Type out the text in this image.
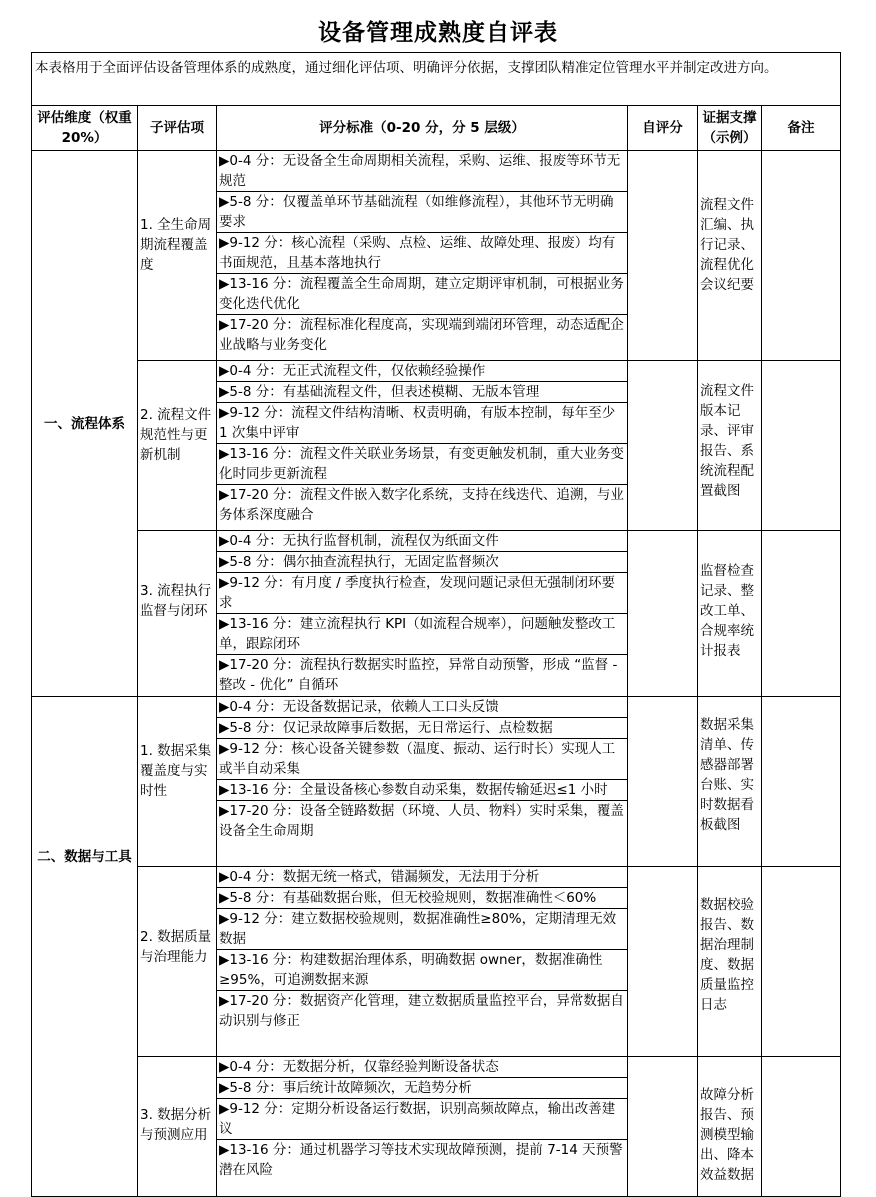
设备管理成熟度自评表
本表格用于全面评估设备管理体系的成熟度，通过细化评估项、明确评分依据，支撑团队精准定位管理水平并制定改进方向。					
评估维度（权重 20%）	子评估项	评分标准（0-20 分，分 5 层级）	自评分	证据支撑（示例）	备注
一、流程体系	1. 全生命周期流程覆盖度	▶0-4 分：无设备全生命周期相关流程，采购、运维、报废等环节无规范
▶5-8 分：仅覆盖单环节基础流程（如维修流程），其他环节无明确要求
▶9-12 分：核心流程（采购、点检、运维、故障处理、报废）均有书面规范，且基本落地执行
▶13-16 分：流程覆盖全生命周期，建立定期评审机制，可根据业务变化迭代优化
▶17-20 分：流程标准化程度高，实现端到端闭环管理，动态适配企业战略与业务变化		流程文件汇编、执行记录、流程优化会议纪要	
	2. 流程文件规范性与更新机制	▶0-4 分：无正式流程文件，仅依赖经验操作
▶5-8 分：有基础流程文件，但表述模糊、无版本管理
▶9-12 分：流程文件结构清晰、权责明确，有版本控制，每年至少 1 次集中评审
▶13-16 分：流程文件关联业务场景，有变更触发机制，重大业务变化时同步更新流程
▶17-20 分：流程文件嵌入数字化系统，支持在线迭代、追溯，与业务体系深度融合		流程文件版本记录、评审报告、系统流程配置截图	
	3. 流程执行监督与闭环	▶0-4 分：无执行监督机制，流程仅为纸面文件
▶5-8 分：偶尔抽查流程执行，无固定监督频次
▶9-12 分：有月度 / 季度执行检查，发现问题记录但无强制闭环要求
▶13-16 分：建立流程执行 KPI（如流程合规率），问题触发整改工单，跟踪闭环
▶17-20 分：流程执行数据实时监控，异常自动预警，形成 “监督 - 整改 - 优化” 自循环		监督检查记录、整改工单、合规率统计报表	
二、数据与工具	1. 数据采集覆盖度与实时性	▶0-4 分：无设备数据记录，依赖人工口头反馈
▶5-8 分：仅记录故障事后数据，无日常运行、点检数据
▶9-12 分：核心设备关键参数（温度、振动、运行时长）实现人工或半自动采集
▶13-16 分：全量设备核心参数自动采集，数据传输延迟≤1 小时
▶17-20 分：设备全链路数据（环境、人员、物料）实时采集，覆盖设备全生命周期		数据采集清单、传感器部署台账、实时数据看板截图	
	2. 数据质量与治理能力	▶0-4 分：数据无统一格式，错漏频发，无法用于分析
▶5-8 分：有基础数据台账，但无校验规则，数据准确性＜60%
▶9-12 分：建立数据校验规则，数据准确性≥80%，定期清理无效数据
▶13-16 分：构建数据治理体系，明确数据 owner，数据准确性≥95%，可追溯数据来源
▶17-20 分：数据资产化管理，建立数据质量监控平台，异常数据自动识别与修正		数据校验报告、数据治理制度、数据质量监控日志	
	3. 数据分析与预测应用	▶0-4 分：无数据分析，仅靠经验判断设备状态
▶5-8 分：事后统计故障频次，无趋势分析
▶9-12 分：定期分析设备运行数据，识别高频故障点，输出改善建议
▶13-16 分：通过机器学习等技术实现故障预测，提前 7-14 天预警潜在风险		故障分析报告、预测模型输出、降本效益数据	
